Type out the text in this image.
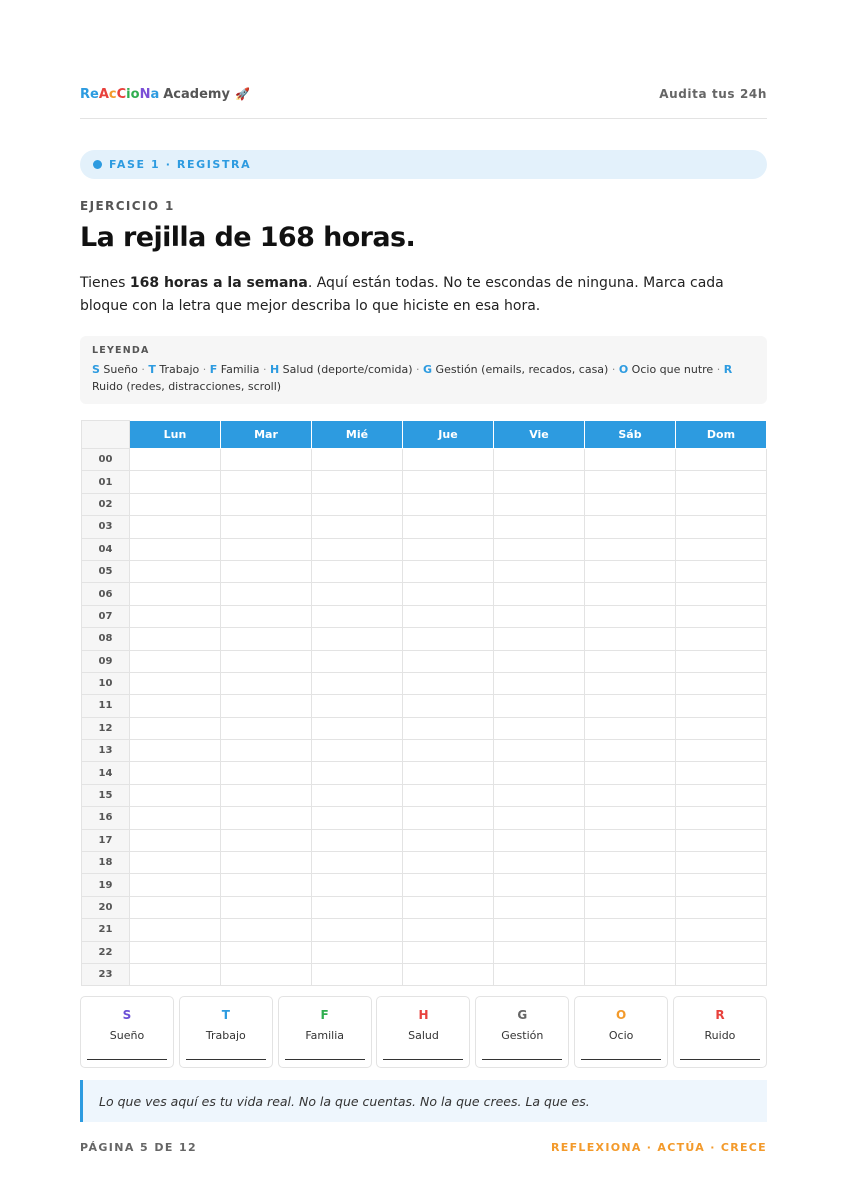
ReAcCioNa Academy 🚀	Audita tus 24h
FASE 1 · REGISTRA
EJERCICIO 1
La rejilla de 168 horas.

Tienes 168 horas a la semana. Aquí están todas. No te escondas de ninguna. Marca cada bloque con la letra que mejor describa lo que hiciste en esa hora.

LEYENDA
S Sueño · T Trabajo · F Familia · H Salud (deporte/comida) · G Gestión (emails, recados, casa) · O Ocio que nutre · R Ruido (redes, distracciones, scroll)
	Lun	Mar	Mié	Jue	Vie	Sáb	Dom
00							
01							
02							
03							
04							
05							
06							
07							
08							
09							
10							
11							
12							
13							
14							
15							
16							
17							
18							
19							
20							
21							
22							
23							
S
Sueño
T
Trabajo
F
Familia
H
Salud
G
Gestión
O
Ocio
R
Ruido
Lo que ves aquí es tu vida real. No la que cuentas. No la que crees. La que es.
PÁGINA 5 DE 12	REFLEXIONA · ACTÚA · CRECE
